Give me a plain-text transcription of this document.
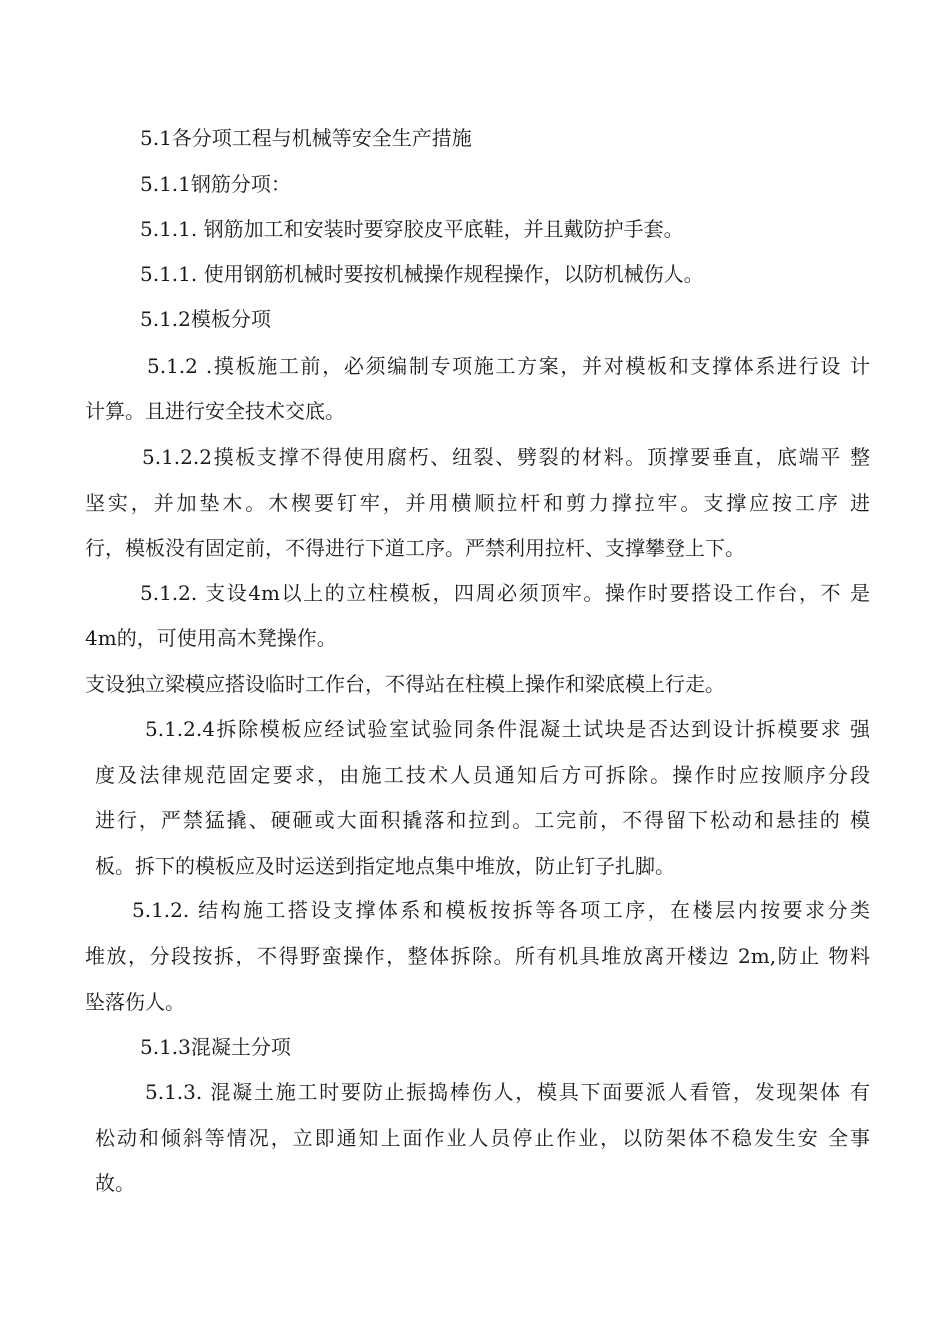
5.1各分项工程与机械等安全生产措施
5.1.1钢筋分项：
5.1.1. 钢筋加工和安装时要穿胶皮平底鞋，并且戴防护手套。
5.1.1. 使用钢筋机械时要按机械操作规程操作，以防机械伤人。
5.1.2模板分项
5.1.2 .摸板施工前，必须编制专项施工方案，并对模板和支撑体系进行设 计
计算。且进行安全技术交底。
5.1.2.2摸板支撑不得使用腐朽、纽裂、劈裂的材料。顶撑要垂直，底端平 整
坚实，并加垫木。木楔要钉牢，并用横顺拉杆和剪力撑拉牢。支撑应按工序 进
行，模板没有固定前，不得进行下道工序。严禁利用拉杆、支撑攀登上下。
5.1.2. 支设4m以上的立柱模板，四周必须顶牢。操作时要搭设工作台，不 是
4m的，可使用高木凳操作。
支设独立梁模应搭设临时工作台，不得站在柱模上操作和梁底模上行走。
5.1.2.4拆除模板应经试验室试验同条件混凝土试块是否达到设计拆模要求 强
度及法律规范固定要求，由施工技术人员通知后方可拆除。操作时应按顺序分段
进行，严禁猛撬、硬砸或大面积撬落和拉到。工完前，不得留下松动和悬挂的 模
板。拆下的模板应及时运送到指定地点集中堆放，防止钉子扎脚。
5.1.2. 结构施工搭设支撑体系和模板按拆等各项工序，在楼层内按要求分类
堆放，分段按拆，不得野蛮操作，整体拆除。所有机具堆放离开楼边 2m,防止 物料
坠落伤人。
5.1.3混凝土分项
5.1.3. 混凝土施工时要防止振捣棒伤人，模具下面要派人看管，发现架体 有
松动和倾斜等情况，立即通知上面作业人员停止作业，以防架体不稳发生安 全事
故。
